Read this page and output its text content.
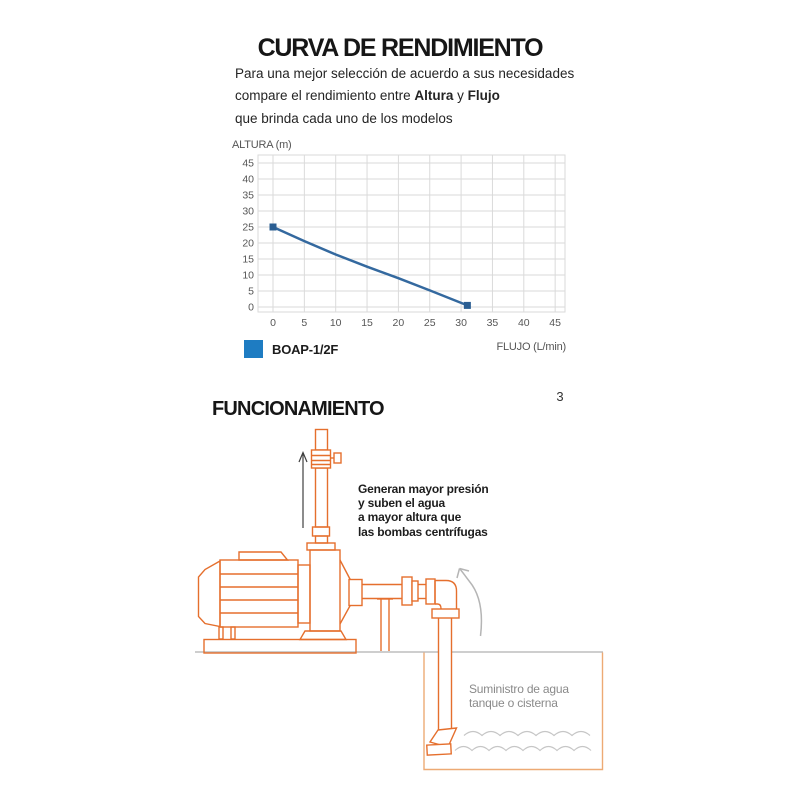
CURVA DE RENDIMIENTO
Para una mejor selección de acuerdo a sus necesidades
compare el rendimiento entre Altura y Flujo
que brinda cada uno de los modelos
0
5
10
15
20
25
30
35
40
45
0 5 10 15 20 25 30 35 40 45
ALTURA (m)
FLUJO (L/min)
BOAP-1/2F
3
FUNCIONAMIENTO
Generan mayor presión
y suben el agua
a mayor altura que
las bombas centrífugas
Suministro de agua
tanque o cisterna
